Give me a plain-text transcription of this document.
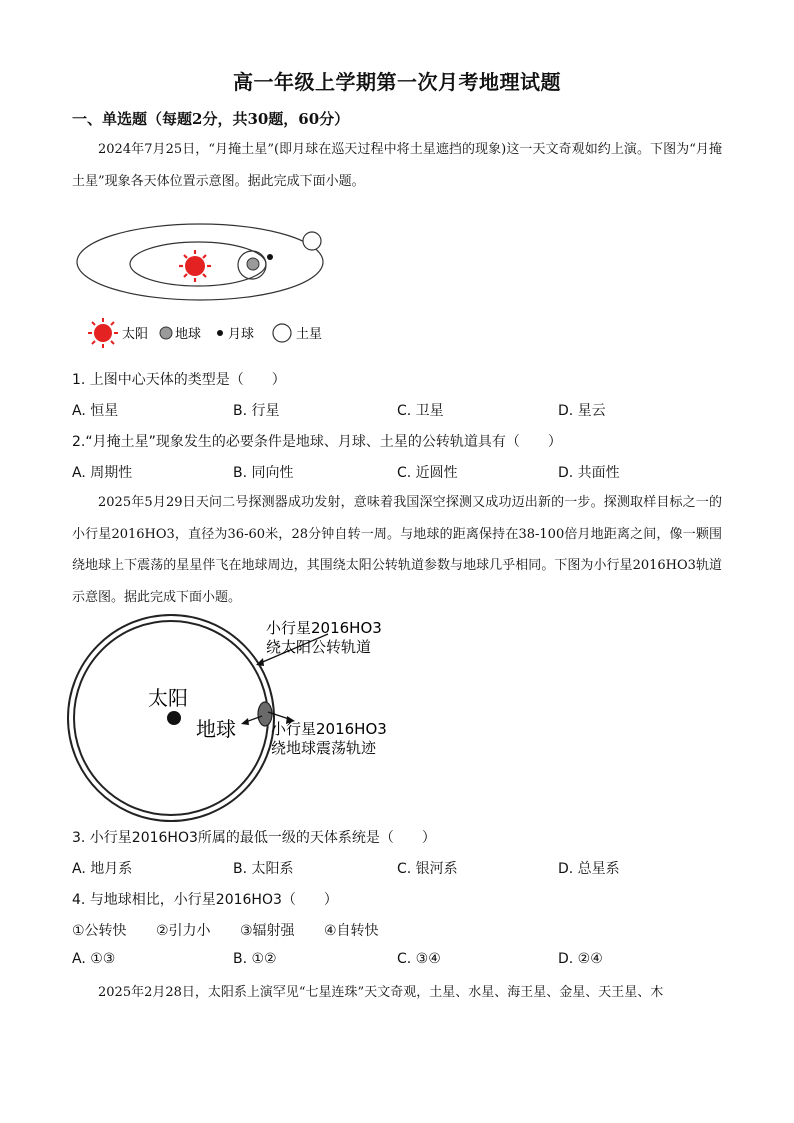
高一年级上学期第一次月考地理试题
一、单选题（每题2分，共30题，60分）
2024年7月25日，“月掩土星”(即月球在巡天过程中将土星遮挡的现象)这一天文奇观如约上演。下图为“月掩土星”现象各天体位置示意图。据此完成下面小题。
太阳 地球 月球	土星
1. 上图中心天体的类型是（　　）
A. 恒星	B. 行星	C. 卫星	D. 星云
2.“月掩土星”现象发生的必要条件是地球、月球、土星的公转轨道具有（　　）
A. 周期性	B. 同向性	C. 近圆性	D. 共面性
2025年5月29日天问二号探测器成功发射，意味着我国深空探测又成功迈出新的一步。探测取样目标之一的小行星2016HO3，直径为36-60米，28分钟自转一周。与地球的距离保持在38-100倍月地距离之间，像一颗围绕地球上下震荡的星星伴飞在地球周边，其围绕太阳公转轨道参数与地球几乎相同。下图为小行星2016HO3轨道示意图。据此完成下面小题。
太阳
地球
小行星2016HO3
绕太阳公转轨道
小行星2016HO3
绕地球震荡轨迹
3. 小行星2016HO3所属的最低一级的天体系统是（　　）
A. 地月系	B. 太阳系	C. 银河系	D. 总星系
4. 与地球相比，小行星2016HO3（　　）
①公转快 ②引力小 ③辐射强 ④自转快
A. ①③	B. ①②	C. ③④	D. ②④
2025年2月28日，太阳系上演罕见“七星连珠”天文奇观，土星、水星、海王星、金星、天王星、木
